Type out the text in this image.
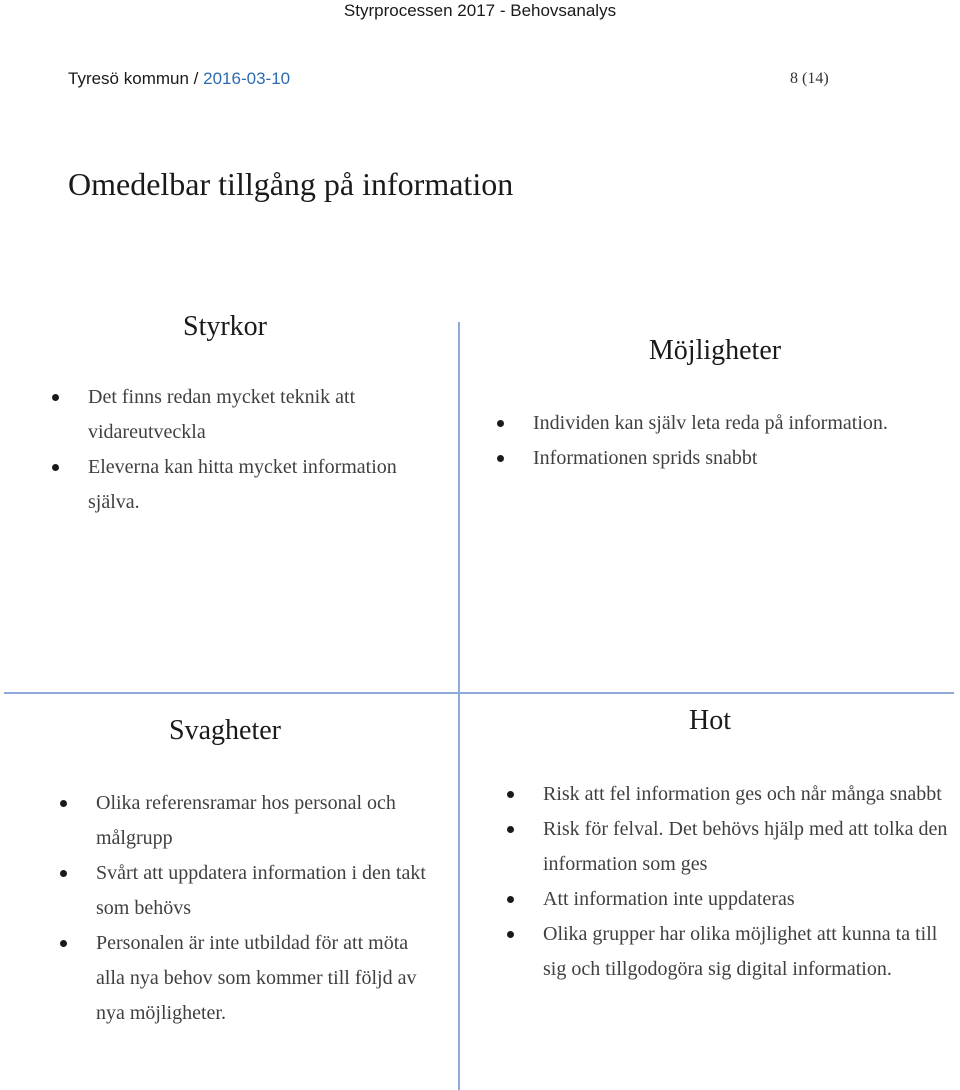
Styrprocessen 2017 - Behovsanalys
Tyresö kommun / 2016-03-10	8 (14)
Omedelbar tillgång på information
Styrkor
Det finns redan mycket teknik att vidareutveckla
Eleverna kan hitta mycket information själva.
Möjligheter
Individen kan själv leta reda på information.
Informationen sprids snabbt
Svagheter
Olika referensramar hos personal och målgrupp
Svårt att uppdatera information i den takt som behövs
Personalen är inte utbildad för att möta alla nya behov som kommer till följd av nya möjligheter.
Hot
Risk att fel information ges och når många snabbt
Risk för felval. Det behövs hjälp med att tolka den information som ges
Att information inte uppdateras
Olika grupper har olika möjlighet att kunna ta till sig och tillgodogöra sig digital information.
